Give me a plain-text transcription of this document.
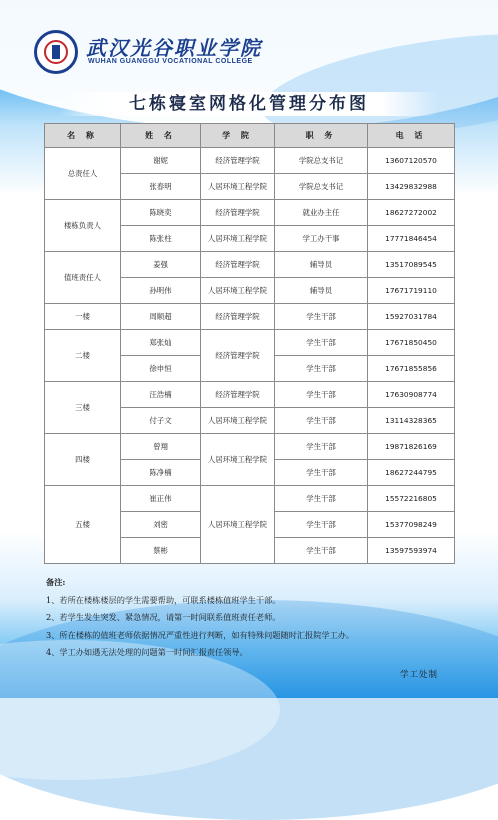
武汉光谷职业学院
WUHAN GUANGGU VOCATIONAL COLLEGE
七栋寝室网格化管理分布图
名 称	姓 名	学 院	职 务	电 话
总责任人	谢妮	经济管理学院	学院总支书记	13607120570
	张春明	人居环境工程学院	学院总支书记	13429832988
楼栋负责人	陈晓奕	经济管理学院	就业办主任	18627272002
	陈张柱	人居环境工程学院	学工办干事	17771846454
值班责任人	姜强	经济管理学院	辅导员	13517089545
	孙明伟	人居环境工程学院	辅导员	17671719110
一楼	周顺超	经济管理学院	学生干部	15927031784
二楼	郑张灿	经济管理学院	学生干部	17671850450
	徐申恒		学生干部	17671855856
三楼	汪浩楠	经济管理学院	学生干部	17630908774
	付子文	人居环境工程学院	学生干部	13114328365
四楼	曾翔	人居环境工程学院	学生干部	19871826169
	陈净楠		学生干部	18627244795
五楼	崔正伟	人居环境工程学院	学生干部	15572216805
	刘密		学生干部	15377098249
	蔡彬		学生干部	13597593974
备注:
1、若所在楼栋楼层的学生需要帮助，可联系楼栋值班学生干部。
2、若学生发生突发、紧急情况，请第一时间联系值班责任老师。
3、所在楼栋的值班老师依据情况严重性进行判断，如有特殊问题随时汇报院学工办。
4、学工办如遇无法处理的问题第一时间汇报责任领导。
学工处制
